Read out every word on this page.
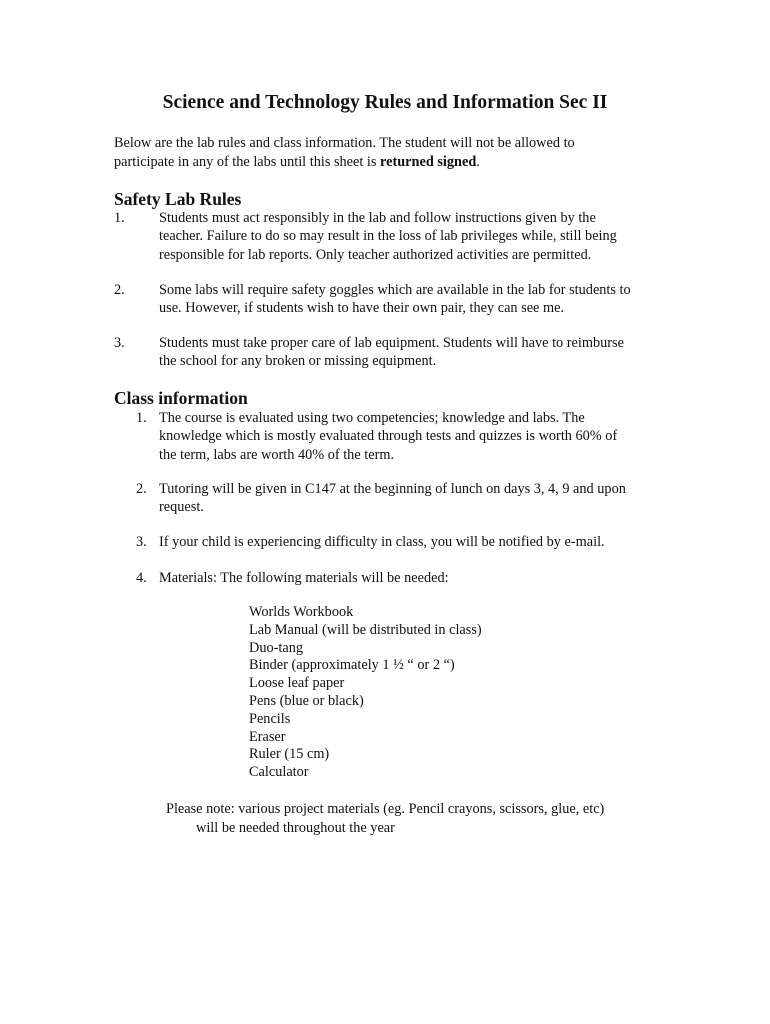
Science and Technology Rules and Information Sec II

Below are the lab rules and class information. The student will not be allowed to
participate in any of the labs until this sheet is returned signed.

Safety Lab Rules
1. Students must act responsibly in the lab and follow instructions given by the
teacher. Failure to do so may result in the loss of lab privileges while, still being
responsible for lab reports. Only teacher authorized activities are permitted.
2. Some labs will require safety goggles which are available in the lab for students to
use. However, if students wish to have their own pair, they can see me.
3. Students must take proper care of lab equipment. Students will have to reimburse
the school for any broken or missing equipment.
Class information
1. The course is evaluated using two competencies; knowledge and labs. The
knowledge which is mostly evaluated through tests and quizzes is worth 60% of
the term, labs are worth 40% of the term.
2. Tutoring will be given in C147 at the beginning of lunch on days 3, 4, 9 and upon
request.
3. If your child is experiencing difficulty in class, you will be notified by e-mail.
4. Materials: The following materials will be needed:
Worlds Workbook
Lab Manual (will be distributed in class)
Duo-tang
Binder (approximately 1 ½ “ or 2 “)
Loose leaf paper
Pens (blue or black)
Pencils
Eraser
Ruler (15 cm)
Calculator
Please note: various project materials (eg. Pencil crayons, scissors, glue, etc)
will be needed throughout the year
